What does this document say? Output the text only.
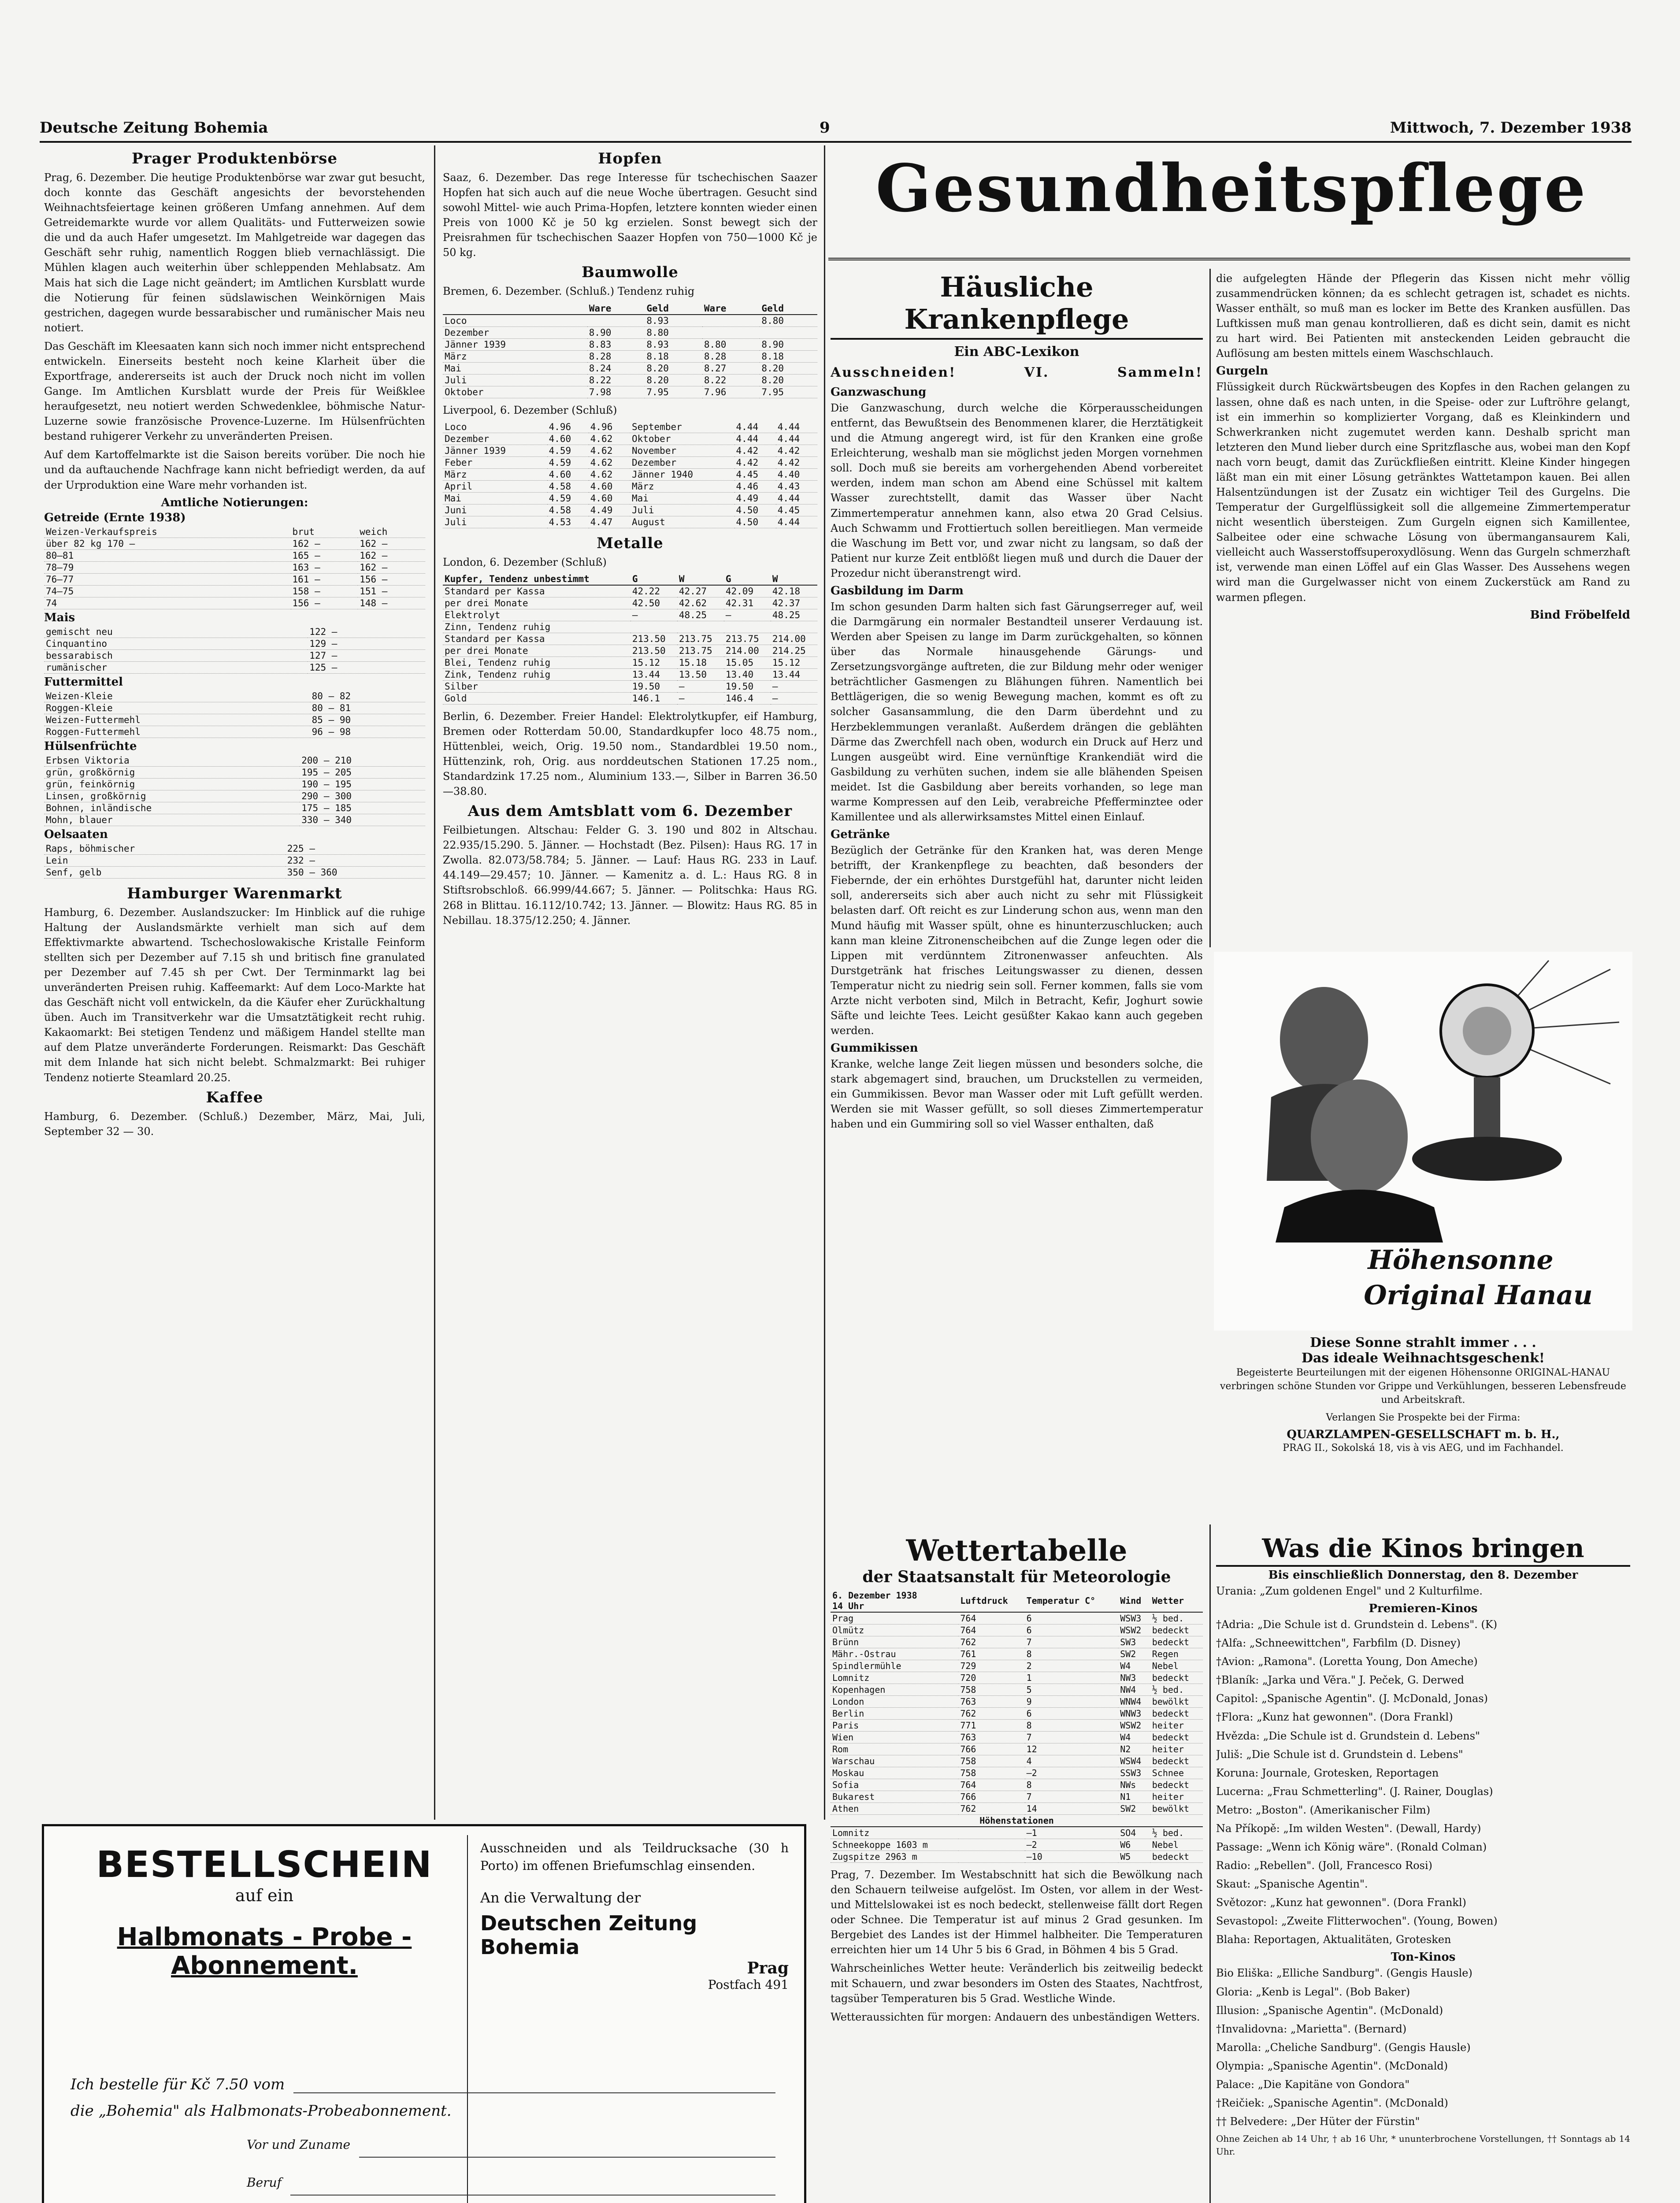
Deutsche Zeitung Bohemia	9	Mittwoch, 7. Dezember 1938
Prager Produktenbörse

Prag, 6. Dezember. Die heutige Produktenbörse war zwar gut besucht, doch konnte das Geschäft angesichts der bevorstehenden Weihnachtsfeiertage keinen größeren Umfang annehmen. Auf dem Getreidemarkte wurde vor allem Qualitäts- und Futterweizen sowie die und da auch Hafer umgesetzt. Im Mahlgetreide war dagegen das Geschäft sehr ruhig, namentlich Roggen blieb vernachlässigt. Die Mühlen klagen auch weiterhin über schleppenden Mehlabsatz. Am Mais hat sich die Lage nicht geändert; im Amtlichen Kursblatt wurde die Notierung für feinen südslawischen Weinkörnigen Mais gestrichen, dagegen wurde bessarabischer und rumänischer Mais neu notiert.

Das Geschäft im Kleesaaten kann sich noch immer nicht entsprechend entwickeln. Einerseits besteht noch keine Klarheit über die Exportfrage, andererseits ist auch der Druck noch nicht im vollen Gange. Im Amtlichen Kursblatt wurde der Preis für Weißklee heraufgesetzt, neu notiert werden Schwedenklee, böhmische Natur-Luzerne sowie französische Provence-Luzerne. Im Hülsenfrüchten bestand ruhigerer Verkehr zu unveränderten Preisen.

Auf dem Kartoffelmarkte ist die Saison bereits vorüber. Die noch hie und da auftauchende Nachfrage kann nicht befriedigt werden, da auf der Urproduktion eine Ware mehr vorhanden ist.

Amtliche Notierungen:
Getreide (Ernte 1938)
Weizen-Verkaufspreis	brut	weich
über 82 kg 170 —	162 —	162 —
80—81	165 —	162 —
78—79	163 —	162 —
76—77	161 —	156 —
74—75	158 —	151 —
74	156 —	148 —
Mais
gemischt neu	122 —
Cinquantino	129 —
bessarabisch	127 —
rumänischer	125 —
Futtermittel
Weizen-Kleie	80 — 82
Roggen-Kleie	80 — 81
Weizen-Futtermehl	85 — 90
Roggen-Futtermehl	96 — 98
Hülsenfrüchte
Erbsen Viktoria	200 — 210
grün, großkörnig	195 — 205
grün, feinkörnig	190 — 195
Linsen, großkörnig	290 — 300
Bohnen, inländische	175 — 185
Mohn, blauer	330 — 340
Oelsaaten
Raps, böhmischer	225 —
Lein	232 —
Senf, gelb	350 — 360
Hamburger Warenmarkt

Hamburg, 6. Dezember. Auslandszucker: Im Hinblick auf die ruhige Haltung der Auslandsmärkte verhielt man sich auf dem Effektivmarkte abwartend. Tschechoslowakische Kristalle Feinform stellten sich per Dezember auf 7.15 sh und britisch fine granulated per Dezember auf 7.45 sh per Cwt. Der Terminmarkt lag bei unveränderten Preisen ruhig. Kaffeemarkt: Auf dem Loco-Markte hat das Geschäft nicht voll entwickeln, da die Käufer eher Zurückhaltung üben. Auch im Transitverkehr war die Umsatztätigkeit recht ruhig. Kakaomarkt: Bei stetigen Tendenz und mäßigem Handel stellte man auf dem Platze unveränderte Forderungen. Reismarkt: Das Geschäft mit dem Inlande hat sich nicht belebt. Schmalzmarkt: Bei ruhiger Tendenz notierte Steamlard 20.25.

Kaffee

Hamburg, 6. Dezember. (Schluß.) Dezember, März, Mai, Juli, September 32 — 30.

Hopfen

Saaz, 6. Dezember. Das rege Interesse für tschechischen Saazer Hopfen hat sich auch auf die neue Woche übertragen. Gesucht sind sowohl Mittel- wie auch Prima-Hopfen, letztere konnten wieder einen Preis von 1000 Kč je 50 kg erzielen. Sonst bewegt sich der Preisrahmen für tschechischen Saazer Hopfen von 750—1000 Kč je 50 kg.

Baumwolle

Bremen, 6. Dezember. (Schluß.) Tendenz ruhig

	Ware	Geld	Ware	Geld
Loco		8.93		8.80
Dezember	8.90	8.80		
Jänner 1939	8.83	8.93	8.80	8.90
März	8.28	8.18	8.28	8.18
Mai	8.24	8.20	8.27	8.20
Juli	8.22	8.20	8.22	8.20
Oktober	7.98	7.95	7.96	7.95

Liverpool, 6. Dezember (Schluß)

Loco	4.96	4.96	September	4.44	4.44
Dezember	4.60	4.62	Oktober	4.44	4.44
Jänner 1939	4.59	4.62	November	4.42	4.42
Feber	4.59	4.62	Dezember	4.42	4.42
März	4.60	4.62	Jänner 1940	4.45	4.40
April	4.58	4.60	März	4.46	4.43
Mai	4.59	4.60	Mai	4.49	4.44
Juni	4.58	4.49	Juli	4.50	4.45
Juli	4.53	4.47	August	4.50	4.44
Metalle

London, 6. Dezember (Schluß)

Kupfer, Tendenz unbestimmt	G	W	G	W
Standard per Kassa	42.22	42.27	42.09	42.18
per drei Monate	42.50	42.62	42.31	42.37
Elektrolyt	—	48.25	—	48.25
Zinn, Tendenz ruhig				
Standard per Kassa	213.50	213.75	213.75	214.00
per drei Monate	213.50	213.75	214.00	214.25
Blei, Tendenz ruhig	15.12	15.18	15.05	15.12
Zink, Tendenz ruhig	13.44	13.50	13.40	13.44
Silber	19.50	—	19.50	—
Gold	146.1	—	146.4	—

Berlin, 6. Dezember. Freier Handel: Elektrolytkupfer, eif Hamburg, Bremen oder Rotterdam 50.00, Standardkupfer loco 48.75 nom., Hüttenblei, weich, Orig. 19.50 nom., Standardblei 19.50 nom., Hüttenzink, roh, Orig. aus norddeutschen Stationen 17.25 nom., Standardzink 17.25 nom., Aluminium 133.—, Silber in Barren 36.50—38.80.

Aus dem Amtsblatt vom 6. Dezember

Feilbietungen. Altschau: Felder G. 3. 190 und 802 in Altschau. 22.935/15.290. 5. Jänner. — Hochstadt (Bez. Pilsen): Haus RG. 17 in Zwolla. 82.073/58.784; 5. Jänner. — Lauf: Haus RG. 233 in Lauf. 44.149—29.457; 10. Jänner. — Kamenitz a. d. L.: Haus RG. 8 in Stiftsrobschloß. 66.999/44.667; 5. Jänner. — Politschka: Haus RG. 268 in Blittau. 16.112/10.742; 13. Jänner. — Blowitz: Haus RG. 85 in Nebillau. 18.375/12.250; 4. Jänner.

Gesundheitspflege
Häusliche Krankenpflege
Ein ABC-Lexikon
Ausschneiden!	VI.	Sammeln!
Ganzwaschung

Die Ganzwaschung, durch welche die Körperausscheidungen entfernt, das Bewußtsein des Benommenen klarer, die Herztätigkeit und die Atmung angeregt wird, ist für den Kranken eine große Erleichterung, weshalb man sie möglichst jeden Morgen vornehmen soll. Doch muß sie bereits am vorhergehenden Abend vorbereitet werden, indem man schon am Abend eine Schüssel mit kaltem Wasser zurechtstellt, damit das Wasser über Nacht Zimmertemperatur annehmen kann, also etwa 20 Grad Celsius. Auch Schwamm und Frottiertuch sollen bereitliegen. Man vermeide die Waschung im Bett vor, und zwar nicht zu langsam, so daß der Patient nur kurze Zeit entblößt liegen muß und durch die Dauer der Prozedur nicht überanstrengt wird.

Gasbildung im Darm

Im schon gesunden Darm halten sich fast Gärungserreger auf, weil die Darmgärung ein normaler Bestandteil unserer Verdauung ist. Werden aber Speisen zu lange im Darm zurückgehalten, so können über das Normale hinausgehende Gärungs- und Zersetzungsvorgänge auftreten, die zur Bildung mehr oder weniger beträchtlicher Gasmengen zu Blähungen führen. Namentlich bei Bettlägerigen, die so wenig Bewegung machen, kommt es oft zu solcher Gasansammlung, die den Darm überdehnt und zu Herzbeklemmungen veranlaßt. Außerdem drängen die geblähten Därme das Zwerchfell nach oben, wodurch ein Druck auf Herz und Lungen ausgeübt wird. Eine vernünftige Krankendiät wird die Gasbildung zu verhüten suchen, indem sie alle blähenden Speisen meidet. Ist die Gasbildung aber bereits vorhanden, so lege man warme Kompressen auf den Leib, verabreiche Pfefferminztee oder Kamillentee und als allerwirksamstes Mittel einen Einlauf.

Getränke

Bezüglich der Getränke für den Kranken hat, was deren Menge betrifft, der Krankenpflege zu beachten, daß besonders der Fiebernde, der ein erhöhtes Durstgefühl hat, darunter nicht leiden soll, andererseits sich aber auch nicht zu sehr mit Flüssigkeit belasten darf. Oft reicht es zur Linderung schon aus, wenn man den Mund häufig mit Wasser spült, ohne es hinunterzuschlucken; auch kann man kleine Zitronenscheibchen auf die Zunge legen oder die Lippen mit verdünntem Zitronenwasser anfeuchten. Als Durstgetränk hat frisches Leitungswasser zu dienen, dessen Temperatur nicht zu niedrig sein soll. Ferner kommen, falls sie vom Arzte nicht verboten sind, Milch in Betracht, Kefir, Joghurt sowie Säfte und leichte Tees. Leicht gesüßter Kakao kann auch gegeben werden.

Gummikissen

Kranke, welche lange Zeit liegen müssen und besonders solche, die stark abgemagert sind, brauchen, um Druckstellen zu vermeiden, ein Gummikissen. Bevor man Wasser oder mit Luft gefüllt werden. Werden sie mit Wasser gefüllt, so soll dieses Zimmertemperatur haben und ein Gummiring soll so viel Wasser enthalten, daß

die aufgelegten Hände der Pflegerin das Kissen nicht mehr völlig zusammendrücken können; da es schlecht getragen ist, schadet es nichts. Wasser enthält, so muß man es locker im Bette des Kranken ausfüllen. Das Luftkissen muß man genau kontrollieren, daß es dicht sein, damit es nicht zu hart wird. Bei Patienten mit ansteckenden Leiden gebraucht die Auflösung am besten mittels einem Waschschlauch.

Gurgeln

Flüssigkeit durch Rückwärtsbeugen des Kopfes in den Rachen gelangen zu lassen, ohne daß es nach unten, in die Speise- oder zur Luftröhre gelangt, ist ein immerhin so komplizierter Vorgang, daß es Kleinkindern und Schwerkranken nicht zugemutet werden kann. Deshalb spricht man letzteren den Mund lieber durch eine Spritzflasche aus, wobei man den Kopf nach vorn beugt, damit das Zurückfließen eintritt. Kleine Kinder hingegen läßt man ein mit einer Lösung getränktes Wattetampon kauen. Bei allen Halsentzündungen ist der Zusatz ein wichtiger Teil des Gurgelns. Die Temperatur der Gurgelflüssigkeit soll die allgemeine Zimmertemperatur nicht wesentlich übersteigen. Zum Gurgeln eignen sich Kamillentee, Salbeitee oder eine schwache Lösung von übermangansaurem Kali, vielleicht auch Wasserstoffsuperoxydlösung. Wenn das Gurgeln schmerzhaft ist, verwende man einen Löffel auf ein Glas Wasser. Des Aussehens wegen wird man die Gurgelwasser nicht von einem Zuckerstück am Rand zu warmen pflegen.

Bind Fröbelfeld
Höhensonne
Original Hanau
Diese Sonne strahlt immer . . .
Das ideale Weihnachtsgeschenk!

Begeisterte Beurteilungen mit der eigenen Höhensonne ORIGINAL-HANAU verbringen schöne Stunden vor Grippe und Verkühlungen, besseren Lebensfreude und Arbeitskraft.

Verlangen Sie Prospekte bei der Firma:

QUARZLAMPEN-GESELLSCHAFT m. b. H.,

PRAG II., Sokolská 18, vis à vis AEG, und im Fachhandel.

Wettertabelle
der Staatsanstalt für Meteorologie
6. Dezember 1938
14 Uhr	Luftdruck	Temperatur C°	Wind	Wetter
Prag	764	6	WSW3	½ bed.
Olmütz	764	6	WSW2	bedeckt
Brünn	762	7	SW3	bedeckt
Mähr.-Ostrau	761	8	SW2	Regen
Spindlermühle	729	2	W4	Nebel
Lomnitz	720	1	NW3	bedeckt
Kopenhagen	758	5	NW4	½ bed.
London	763	9	WNW4	bewölkt
Berlin	762	6	WNW3	bedeckt
Paris	771	8	WSW2	heiter
Wien	763	7	W4	bedeckt
Rom	766	12	N2	heiter
Warschau	758	4	WSW4	bedeckt
Moskau	758	—2	SSW3	Schnee
Sofia	764	8	NWs	bedeckt
Bukarest	766	7	N1	heiter
Athen	762	14	SW2	bewölkt
Höhenstationen				
Lomnitz		—1	SO4	½ bed.
Schneekoppe 1603 m		—2	W6	Nebel
Zugspitze 2963 m		—10	W5	bedeckt

Prag, 7. Dezember. Im Westabschnitt hat sich die Bewölkung nach den Schauern teilweise aufgelöst. Im Osten, vor allem in der West- und Mittelslowakei ist es noch bedeckt, stellenweise fällt dort Regen oder Schnee. Die Temperatur ist auf minus 2 Grad gesunken. Im Bergebiet des Landes ist der Himmel halbheiter. Die Temperaturen erreichten hier um 14 Uhr 5 bis 6 Grad, in Böhmen 4 bis 5 Grad.

Wahrscheinliches Wetter heute: Veränderlich bis zeitweilig bedeckt mit Schauern, und zwar besonders im Osten des Staates, Nachtfrost, tagsüber Temperaturen bis 5 Grad. Westliche Winde.

Wetteraussichten für morgen: Andauern des unbeständigen Wetters.

Was die Kinos bringen
Bis einschließlich Donnerstag, den 8. Dezember

Urania: „Zum goldenen Engel" und 2 Kulturfilme.

Premieren-Kinos

†Adria: „Die Schule ist d. Grundstein d. Lebens". (K)

†Alfa: „Schneewittchen", Farbfilm (D. Disney)

†Avion: „Ramona". (Loretta Young, Don Ameche)

†Blaník: „Jarka und Věra." J. Peček, G. Derwed

Capitol: „Spanische Agentin". (J. McDonald, Jonas)

†Flora: „Kunz hat gewonnen". (Dora Frankl)

Hvězda: „Die Schule ist d. Grundstein d. Lebens"

Juliš: „Die Schule ist d. Grundstein d. Lebens"

Koruna: Journale, Grotesken, Reportagen

Lucerna: „Frau Schmetterling". (J. Rainer, Douglas)

Metro: „Boston". (Amerikanischer Film)

Na Příkopě: „Im wilden Westen". (Dewall, Hardy)

Passage: „Wenn ich König wäre". (Ronald Colman)

Radio: „Rebellen". (Joll, Francesco Rosi)

Skaut: „Spanische Agentin".

Světozor: „Kunz hat gewonnen". (Dora Frankl)

Sevastopol: „Zweite Flitterwochen". (Young, Bowen)

Blaha: Reportagen, Aktualitäten, Grotesken

Ton-Kinos

Bio Eliška: „Elliche Sandburg". (Gengis Hausle)

Gloria: „Kenb is Legal". (Bob Baker)

Illusion: „Spanische Agentin". (McDonald)

†Invalidovna: „Marietta". (Bernard)

Marolla: „Cheliche Sandburg". (Gengis Hausle)

Olympia: „Spanische Agentin". (McDonald)

Palace: „Die Kapitäne von Gondora"

†Reičiek: „Spanische Agentin". (McDonald)

†† Belvedere: „Der Hüter der Fürstin"

Ohne Zeichen ab 14 Uhr, † ab 16 Uhr, * ununterbrochene Vorstellungen, †† Sonntags ab 14 Uhr.

BESTELLSCHEIN
auf ein
Halbmonats - Probe - Abonnement.

Ausschneiden und als Teildrucksache (30 h Porto) im offenen Briefumschlag einsenden.

An die Verwaltung der

Deutschen Zeitung Bohemia
Prag
Postfach 491
Ich bestelle für Kč 7.50 vom
die „Bohemia" als Halbmonats-Probeabonnement.
Vor und Zuname
Beruf
